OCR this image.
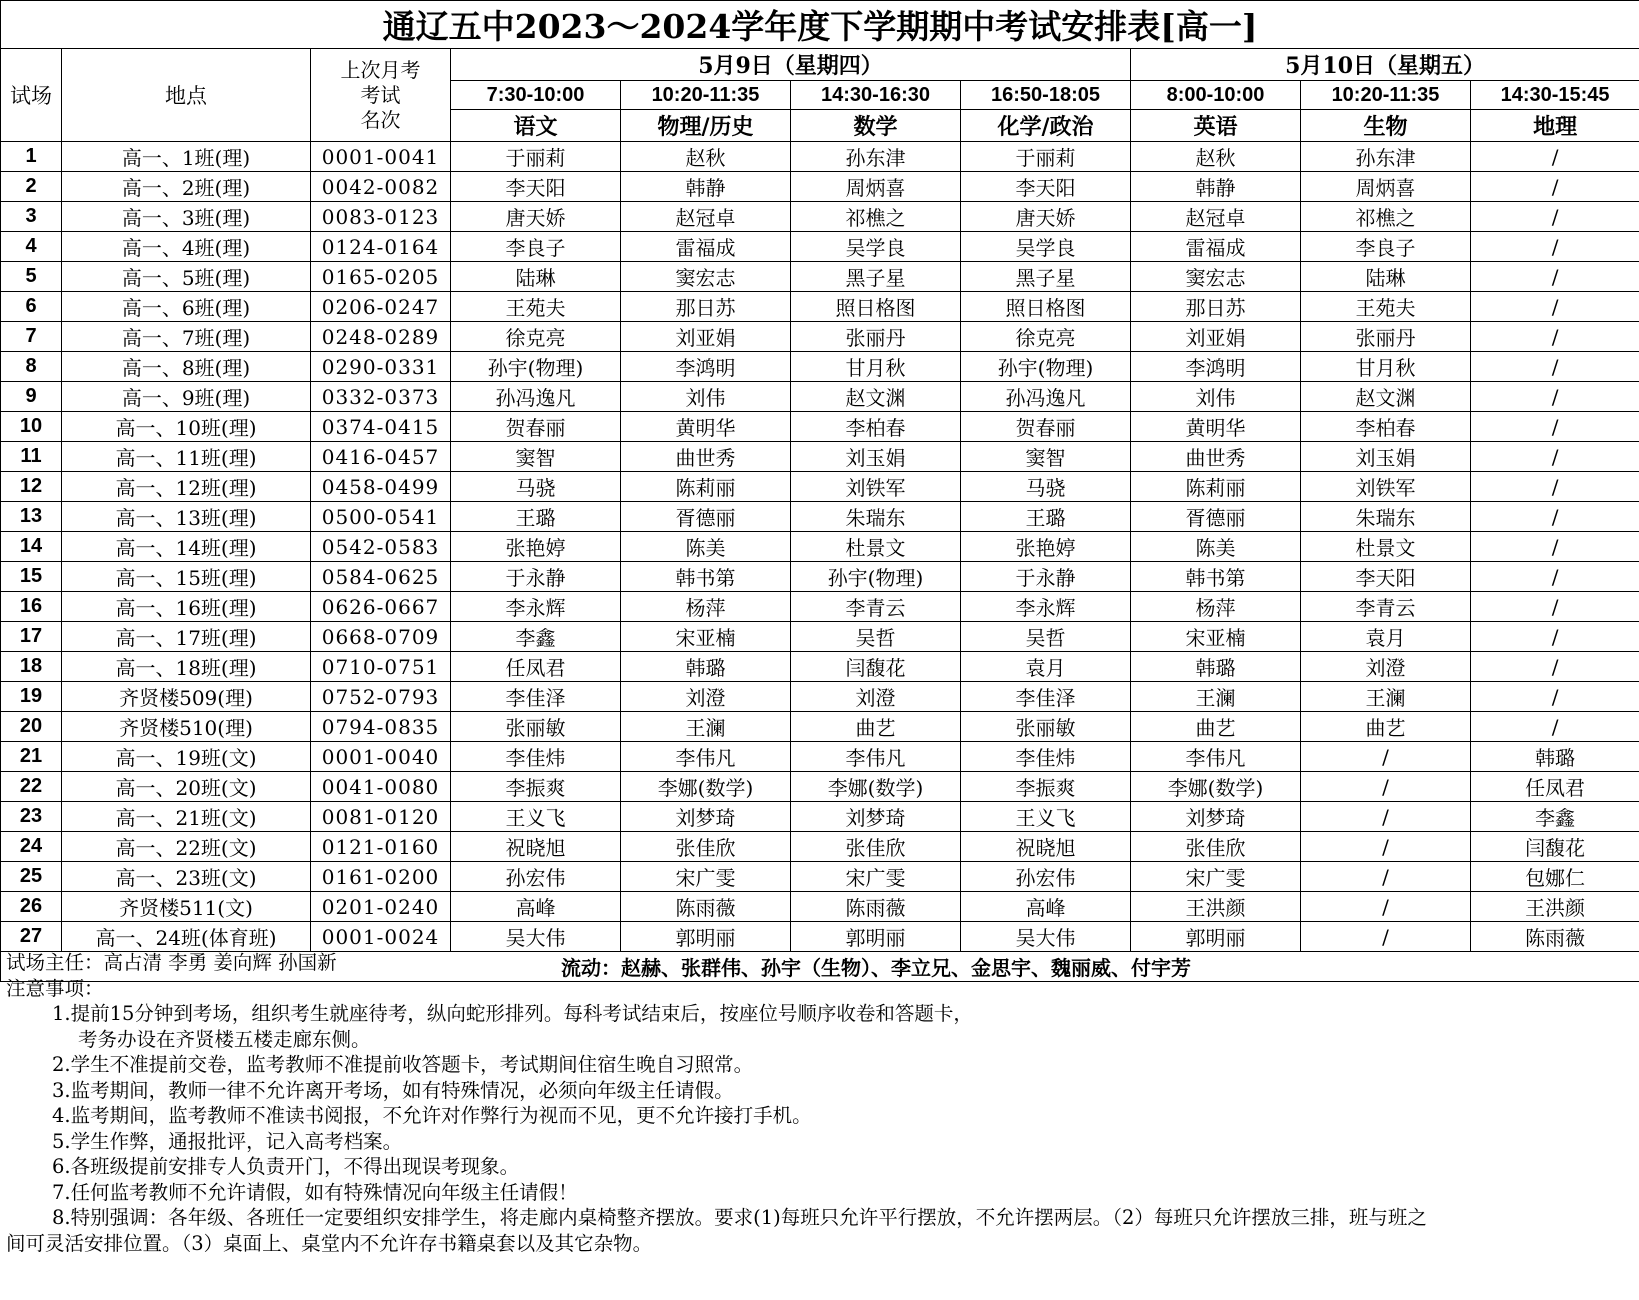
通辽五中2023～2024学年度下学期期中考试安排表[高一]									
试场	地点	上次月考
考试
名次	5月9日（星期四）				5月10日（星期五）		
			7:30-10:00	10:20-11:35	14:30-16:30	16:50-18:05	8:00-10:00	10:20-11:35	14:30-15:45
			语文	物理/历史	数学	化学/政治	英语	生物	地理
1	高一、1班(理)	0001-0041	于丽莉	赵秋	孙东津	于丽莉	赵秋	孙东津	/
2	高一、2班(理)	0042-0082	李天阳	韩静	周炳喜	李天阳	韩静	周炳喜	/
3	高一、3班(理)	0083-0123	唐天娇	赵冠卓	祁樵之	唐天娇	赵冠卓	祁樵之	/
4	高一、4班(理)	0124-0164	李良子	雷福成	吴学良	吴学良	雷福成	李良子	/
5	高一、5班(理)	0165-0205	陆琳	窦宏志	黑子星	黑子星	窦宏志	陆琳	/
6	高一、6班(理)	0206-0247	王苑夫	那日苏	照日格图	照日格图	那日苏	王苑夫	/
7	高一、7班(理)	0248-0289	徐克亮	刘亚娟	张丽丹	徐克亮	刘亚娟	张丽丹	/
8	高一、8班(理)	0290-0331	孙宇(物理)	李鸿明	甘月秋	孙宇(物理)	李鸿明	甘月秋	/
9	高一、9班(理)	0332-0373	孙冯逸凡	刘伟	赵文渊	孙冯逸凡	刘伟	赵文渊	/
10	高一、10班(理)	0374-0415	贺春丽	黄明华	李柏春	贺春丽	黄明华	李柏春	/
11	高一、11班(理)	0416-0457	窦智	曲世秀	刘玉娟	窦智	曲世秀	刘玉娟	/
12	高一、12班(理)	0458-0499	马骁	陈莉丽	刘铁军	马骁	陈莉丽	刘铁军	/
13	高一、13班(理)	0500-0541	王璐	胥德丽	朱瑞东	王璐	胥德丽	朱瑞东	/
14	高一、14班(理)	0542-0583	张艳婷	陈美	杜景文	张艳婷	陈美	杜景文	/
15	高一、15班(理)	0584-0625	于永静	韩书第	孙宇(物理)	于永静	韩书第	李天阳	/
16	高一、16班(理)	0626-0667	李永辉	杨萍	李青云	李永辉	杨萍	李青云	/
17	高一、17班(理)	0668-0709	李鑫	宋亚楠	吴哲	吴哲	宋亚楠	袁月	/
18	高一、18班(理)	0710-0751	任凤君	韩璐	闫馥花	袁月	韩璐	刘澄	/
19	齐贤楼509(理)	0752-0793	李佳泽	刘澄	刘澄	李佳泽	王澜	王澜	/
20	齐贤楼510(理)	0794-0835	张丽敏	王澜	曲艺	张丽敏	曲艺	曲艺	/
21	高一、19班(文)	0001-0040	李佳炜	李伟凡	李伟凡	李佳炜	李伟凡	/	韩璐
22	高一、20班(文)	0041-0080	李振爽	李娜(数学)	李娜(数学)	李振爽	李娜(数学)	/	任凤君
23	高一、21班(文)	0081-0120	王义飞	刘梦琦	刘梦琦	王义飞	刘梦琦	/	李鑫
24	高一、22班(文)	0121-0160	祝晓旭	张佳欣	张佳欣	祝晓旭	张佳欣	/	闫馥花
25	高一、23班(文)	0161-0200	孙宏伟	宋广雯	宋广雯	孙宏伟	宋广雯	/	包娜仁
26	齐贤楼511(文)	0201-0240	高峰	陈雨薇	陈雨薇	高峰	王洪颜	/	王洪颜
27	高一、24班(体育班)	0001-0024	吴大伟	郭明丽	郭明丽	吴大伟	郭明丽	/	陈雨薇
流动：赵赫、张群伟、孙宇（生物）、李立兄、金思宇、魏丽威、付宇芳									
试场主任：高占清 李勇 姜向辉 孙国新
注意事项：
1.提前15分钟到考场，组织考生就座待考，纵向蛇形排列。每科考试结束后，按座位号顺序收卷和答题卡，
考务办设在齐贤楼五楼走廊东侧。
2.学生不准提前交卷，监考教师不准提前收答题卡，考试期间住宿生晚自习照常。
3.监考期间，教师一律不允许离开考场，如有特殊情况，必须向年级主任请假。
4.监考期间，监考教师不准读书阅报，不允许对作弊行为视而不见，更不允许接打手机。
5.学生作弊，通报批评，记入高考档案。
6.各班级提前安排专人负责开门，不得出现误考现象。
7.任何监考教师不允许请假，如有特殊情况向年级主任请假！
8.特别强调：各年级、各班任一定要组织安排学生，将走廊内桌椅整齐摆放。要求(1)每班只允许平行摆放，不允许摆两层。（2）每班只允许摆放三排，班与班之
间可灵活安排位置。（3）桌面上、桌堂内不允许存书籍桌套以及其它杂物。
